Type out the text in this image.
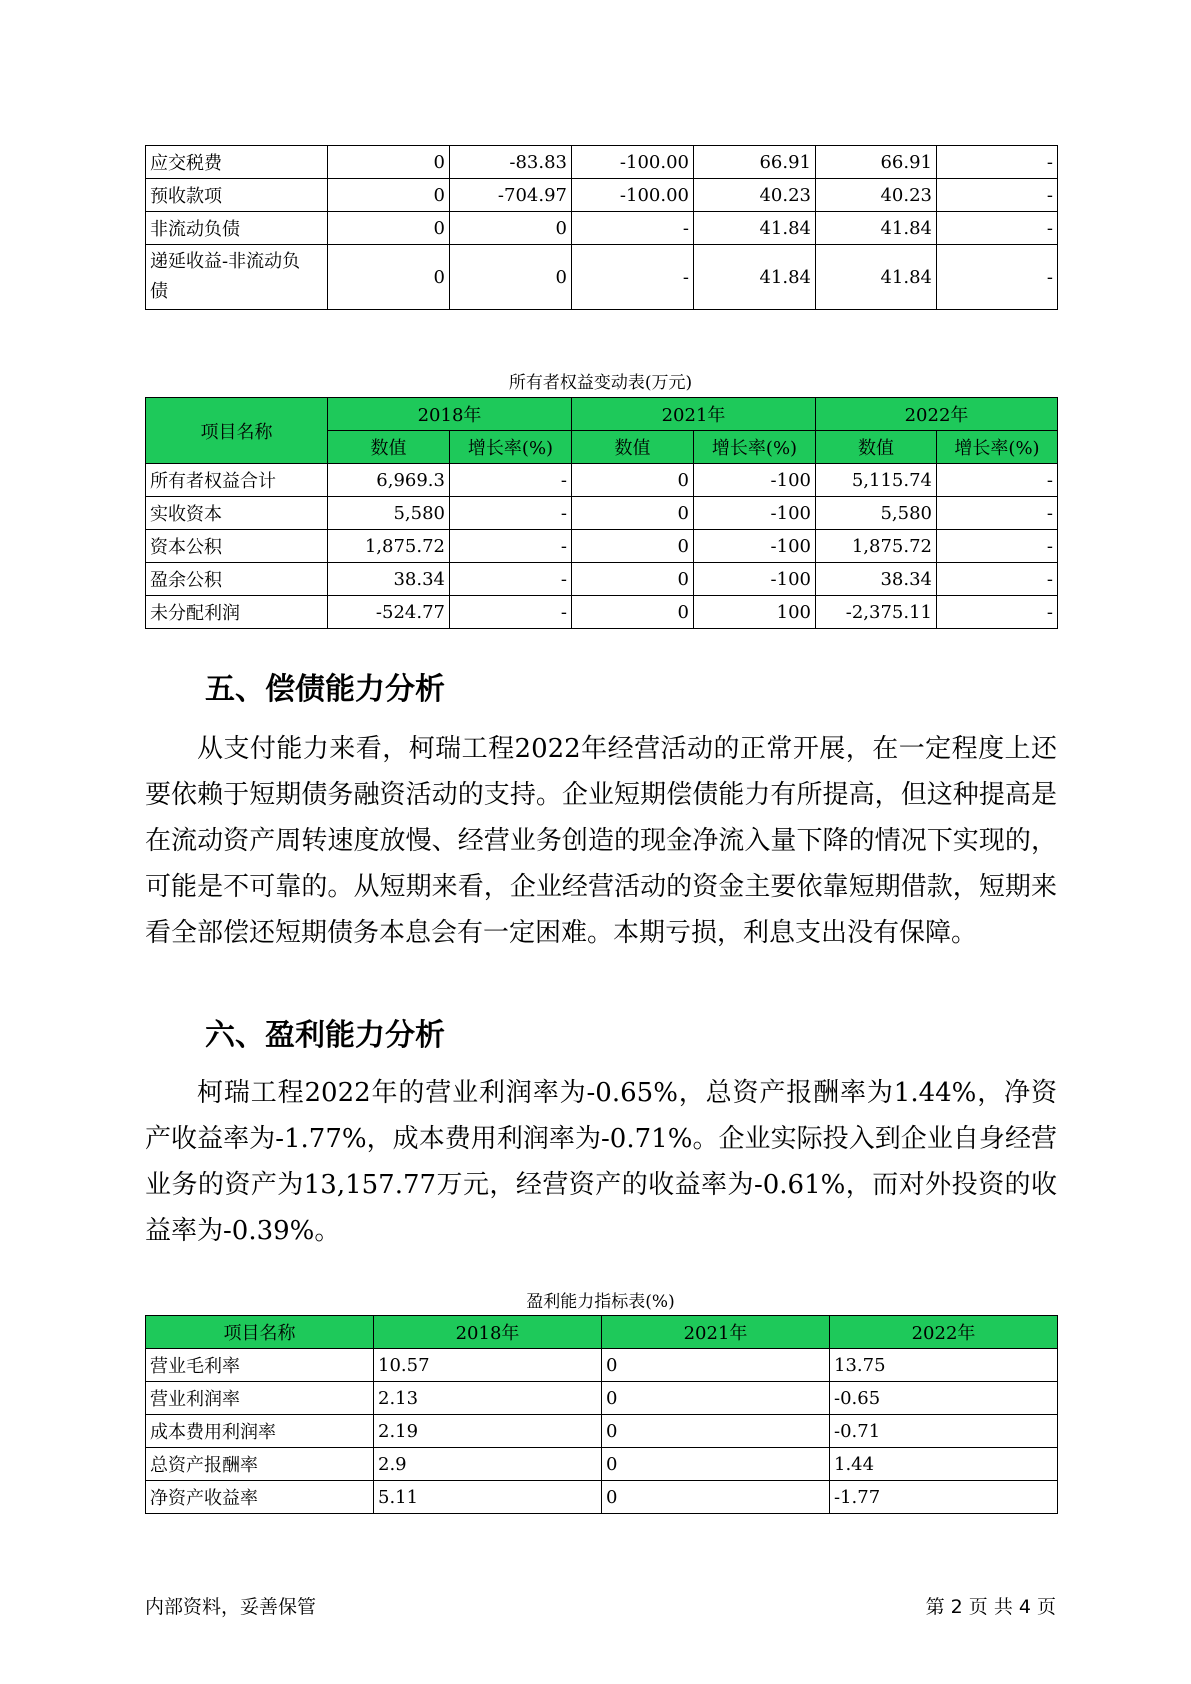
应交税费	0	-83.83	-100.00	66.91	66.91	-
预收款项	0	-704.97	-100.00	40.23	40.23	-
非流动负债	0	0	-	41.84	41.84	-
递延收益-非流动负
债	0	0	-	41.84	41.84	-
所有者权益变动表(万元)
项目名称	2018年		2021年		2022年	
	数值	增长率(%)	数值	增长率(%)	数值	增长率(%)
所有者权益合计	6,969.3	-	0	-100	5,115.74	-
实收资本	5,580	-	0	-100	5,580	-
资本公积	1,875.72	-	0	-100	1,875.72	-
盈余公积	38.34	-	0	-100	38.34	-
未分配利润	-524.77	-	0	100	-2,375.11	-
五、偿债能力分析

从支付能力来看，柯瑞工程2022年经营活动的正常开展，在一定程度上还要依赖于短期债务融资活动的支持。企业短期偿债能力有所提高，但这种提高是在流动资产周转速度放慢、经营业务创造的现金净流入量下降的情况下实现的，可能是不可靠的。从短期来看，企业经营活动的资金主要依靠短期借款，短期来看全部偿还短期债务本息会有一定困难。本期亏损，利息支出没有保障。

六、盈利能力分析

柯瑞工程2022年的营业利润率为-0.65%，总资产报酬率为1.44%，净资产收益率为-1.77%，成本费用利润率为-0.71%。企业实际投入到企业自身经营业务的资产为13,157.77万元，经营资产的收益率为-0.61%，而对外投资的收益率为-0.39%。

盈利能力指标表(%)
项目名称	2018年	2021年	2022年
营业毛利率	10.57	0	13.75
营业利润率	2.13	0	-0.65
成本费用利润率	2.19	0	-0.71
总资产报酬率	2.9	0	1.44
净资产收益率	5.11	0	-1.77
内部资料，妥善保管	第 2 页 共 4 页
